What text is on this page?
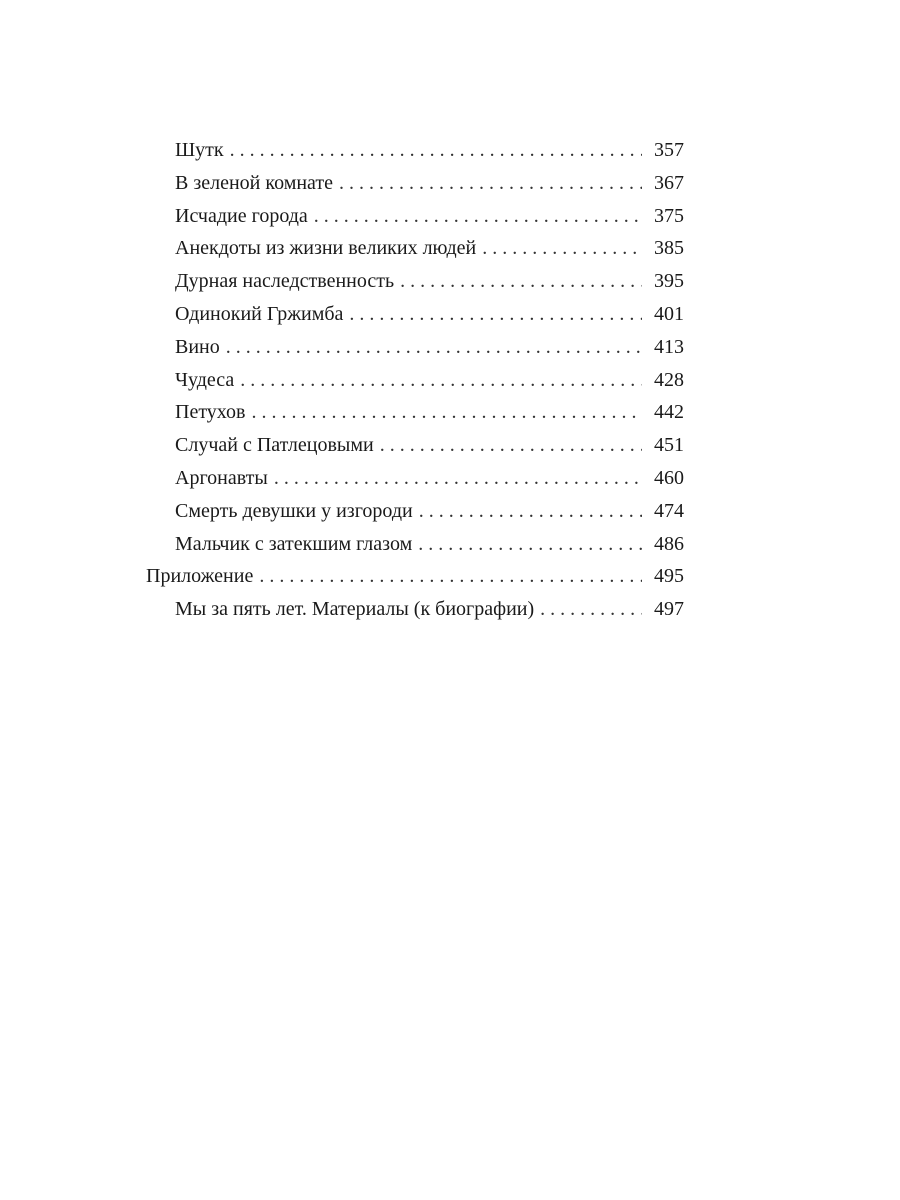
Шутк . . .	357
В зеленой комнате . . .	367
Исчадие города . . .	375
Анекдоты из жизни великих людей . . .	385
Дурная наследственность . . .	395
Одинокий Гржимба . . .	401
Вино . . .	413
Чудеса . . .	428
Петухов . . .	442
Случай с Патлецовыми . . .	451
Аргонавты . . .	460
Смерть девушки у изгороди . . .	474
Мальчик с затекшим глазом . . .	486
Приложение . . .	495
Мы за пять лет. Материалы (к биографии) . . .	497
